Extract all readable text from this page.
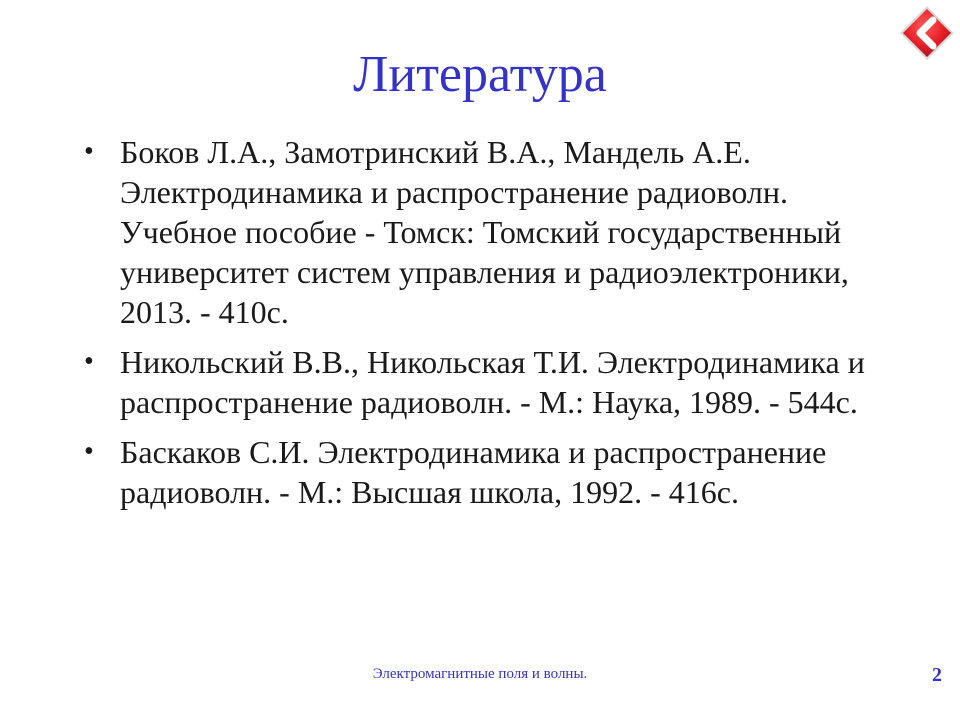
Литература
• Боков Л.А., Замотринский В.А., Мандель А.Е. Электродинамика и распространение радиоволн. Учебное пособие - Томск: Томский государственный университет систем управления и радиоэлектроники, 2013. - 410с.
• Никольский В.В., Никольская Т.И. Электродинамика и распространение радиоволн. - М.: Наука, 1989. - 544с.
• Баскаков С.И. Электродинамика и распространение радиоволн. - М.: Высшая школа, 1992. - 416с.
Электромагнитные поля и волны.	2
